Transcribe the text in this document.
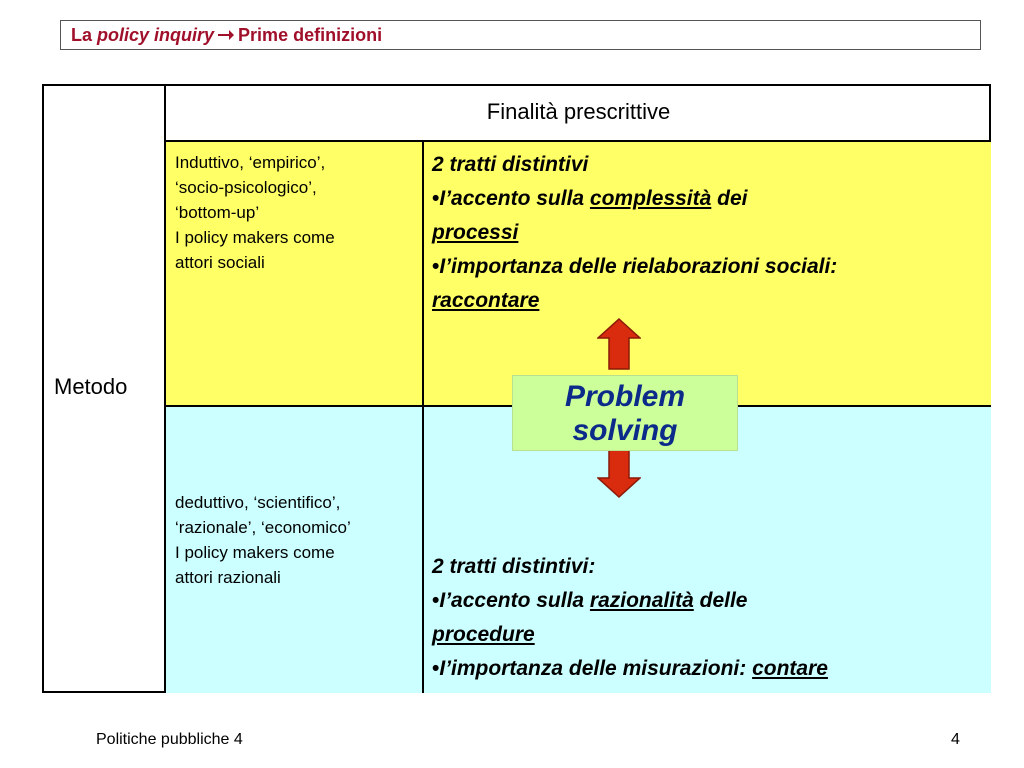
La policy inquiry Prime definizioni
Metodo
Finalità prescrittive
Induttivo, ‘empirico’,
‘socio-psicologico’,
‘bottom-up’
I policy makers come
attori sociali
2 tratti distintivi
•I’accento sulla complessità dei
processi
•I’importanza delle rielaborazioni sociali:
raccontare
deduttivo, ‘scientifico’,
‘razionale’, ‘economico’
I policy makers come
attori razionali	2 tratti distintivi:
•I’accento sulla razionalità delle
procedure
•I’importanza delle misurazioni: contare
Problem
solving
Politiche pubbliche 4	4
